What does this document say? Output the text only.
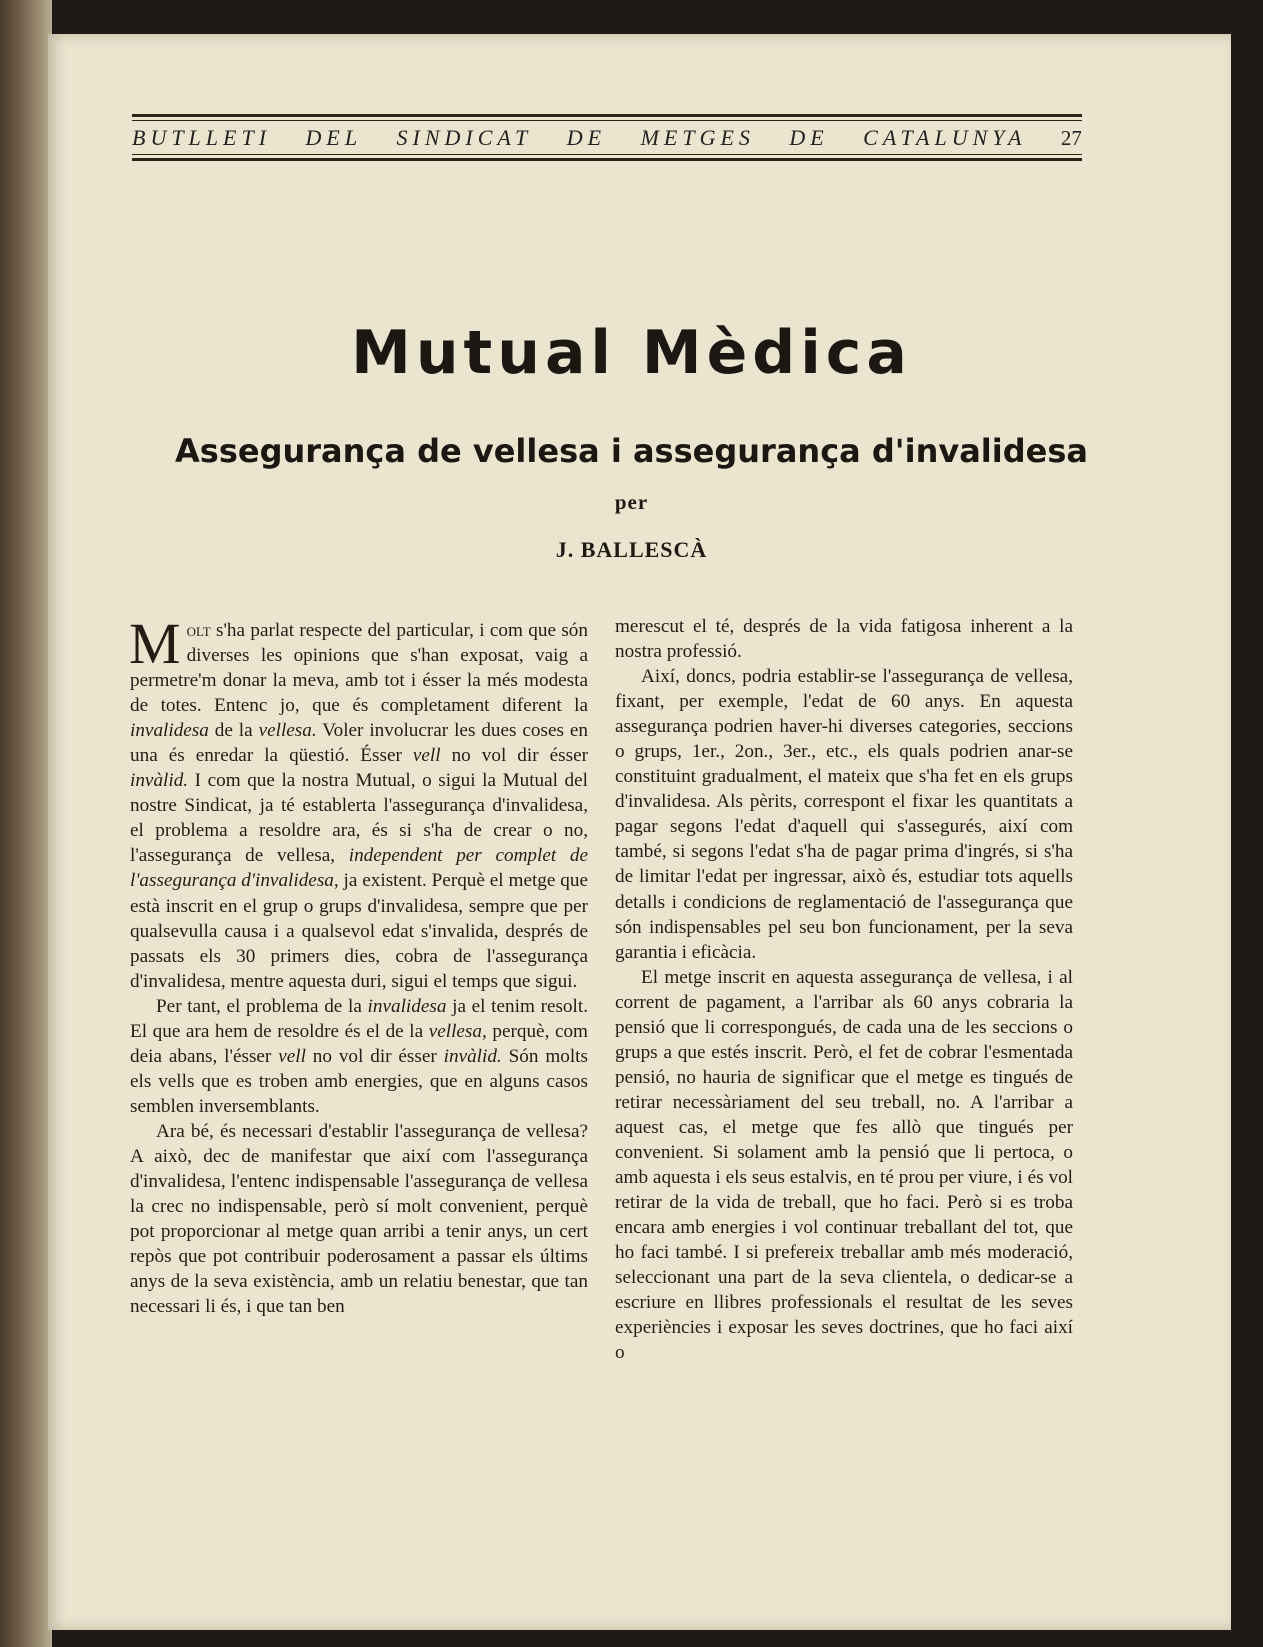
BUTLLETI DEL SINDICAT DE METGES DE CATALUNYA 27
Mutual Mèdica
Assegurança de vellesa i assegurança d'invalidesa
per
J. BALLESCÀ

Molt s'ha parlat respecte del particular, i com que són diverses les opinions que s'han exposat, vaig a permetre'm donar la meva, amb tot i ésser la més modesta de totes. Entenc jo, que és completament diferent la invalidesa de la vellesa. Voler involucrar les dues coses en una és enredar la qüestió. Ésser vell no vol dir ésser invàlid. I com que la nostra Mutual, o sigui la Mutual del nostre Sindicat, ja té establerta l'assegurança d'invalidesa, el problema a resoldre ara, és si s'ha de crear o no, l'assegurança de vellesa, independent per complet de l'assegurança d'invalidesa, ja existent. Perquè el metge que està inscrit en el grup o grups d'invalidesa, sempre que per qualsevulla causa i a qualsevol edat s'invalida, després de passats els 30 primers dies, cobra de l'assegurança d'invalidesa, mentre aquesta duri, sigui el temps que sigui.

Per tant, el problema de la invalidesa ja el tenim resolt. El que ara hem de resoldre és el de la vellesa, perquè, com deia abans, l'ésser vell no vol dir ésser invàlid. Són molts els vells que es troben amb energies, que en alguns casos semblen inversemblants.

Ara bé, és necessari d'establir l'assegurança de vellesa? A això, dec de manifestar que així com l'assegurança d'invalidesa, l'entenc indispensable l'assegurança de vellesa la crec no indispensable, però sí molt convenient, perquè pot proporcionar al metge quan arribi a tenir anys, un cert repòs que pot contribuir poderosament a passar els últims anys de la seva existència, amb un relatiu benestar, que tan necessari li és, i que tan ben

merescut el té, després de la vida fatigosa inherent a la nostra professió.

Així, doncs, podria establir-se l'assegurança de vellesa, fixant, per exemple, l'edat de 60 anys. En aquesta assegurança podrien haver-hi diverses categories, seccions o grups, 1er., 2on., 3er., etc., els quals podrien anar-se constituint gradualment, el mateix que s'ha fet en els grups d'invalidesa. Als pèrits, correspont el fixar les quantitats a pagar segons l'edat d'aquell qui s'assegurés, així com també, si segons l'edat s'ha de pagar prima d'ingrés, si s'ha de limitar l'edat per ingressar, això és, estudiar tots aquells detalls i condicions de reglamentació de l'assegurança que són indispensables pel seu bon funcionament, per la seva garantia i eficàcia.

El metge inscrit en aquesta assegurança de vellesa, i al corrent de pagament, a l'arribar als 60 anys cobraria la pensió que li correspongués, de cada una de les seccions o grups a que estés inscrit. Però, el fet de cobrar l'esmentada pensió, no hauria de significar que el metge es tingués de retirar necessàriament del seu treball, no. A l'arribar a aquest cas, el metge que fes allò que tingués per convenient. Si solament amb la pensió que li pertoca, o amb aquesta i els seus estalvis, en té prou per viure, i és vol retirar de la vida de treball, que ho faci. Però si es troba encara amb energies i vol continuar treballant del tot, que ho faci també. I si prefereix treballar amb més moderació, seleccionant una part de la seva clientela, o dedicar-se a escriure en llibres professionals el resultat de les seves experiències i exposar les seves doctrines, que ho faci així o
